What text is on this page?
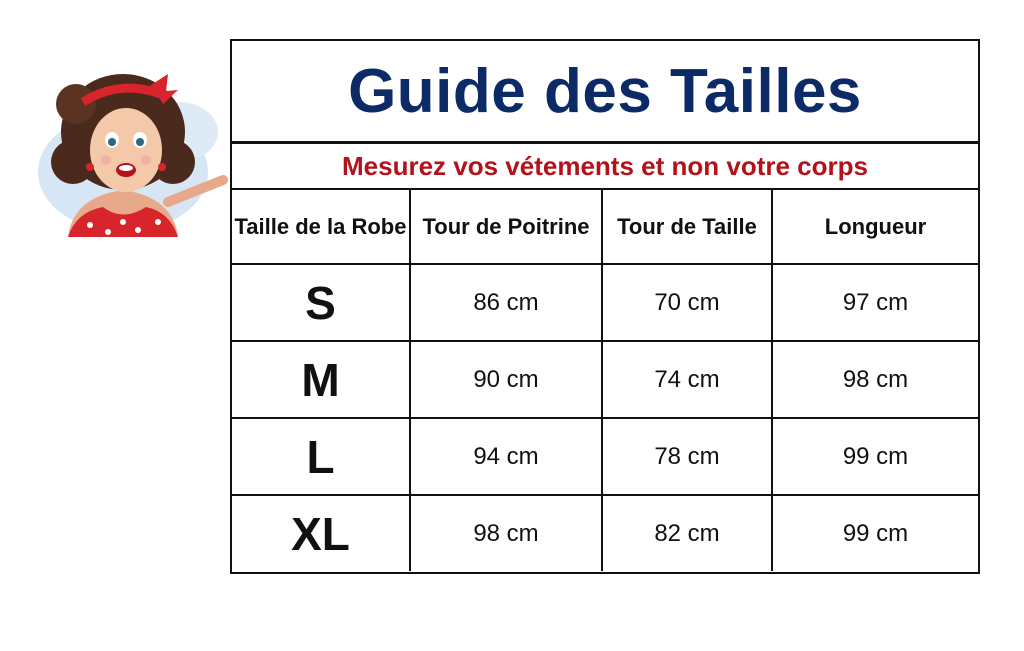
Guide des Tailles
Mesurez vos vétements et non votre corps
Taille de la Robe	Tour de Poitrine	Tour de Taille	Longueur
S	86 cm	70 cm	97 cm
M	90 cm	74 cm	98 cm
L	94 cm	78 cm	99 cm
XL	98 cm	82 cm	99 cm
